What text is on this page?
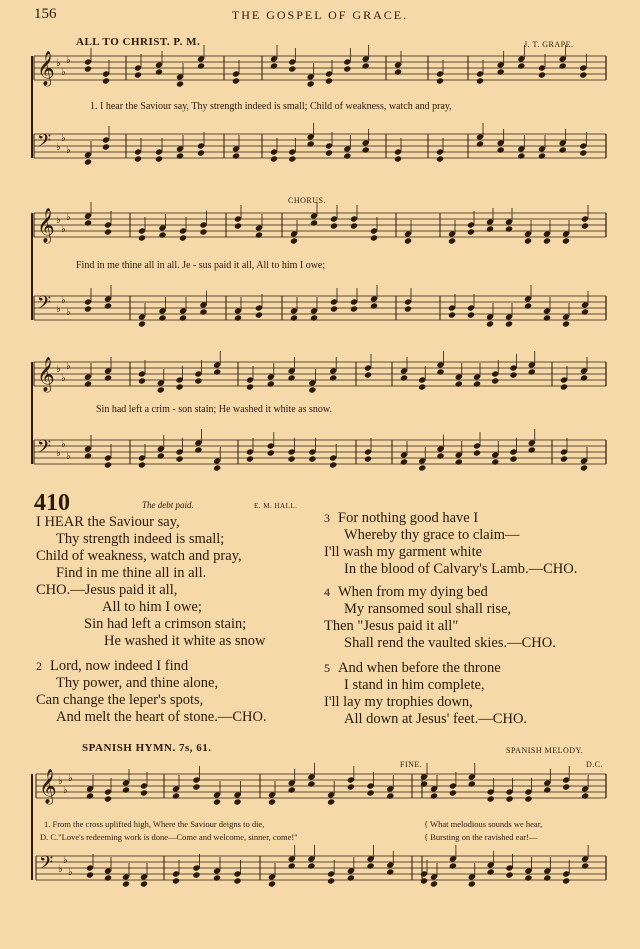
156	THE GOSPEL OF GRACE.
ALL TO CHRIST. P. M.	J. T. GRAPE.
CHORUS.
𝄞 ♭
♭
♭
𝄢 ♭
♭
♭
𝄞 ♭
♭
♭
𝄢 ♭
♭
♭
𝄞 ♭
♭
♭
𝄢 ♭
♭
♭
𝄞 ♭
♭
♭
𝄢 ♭
♭
♭
1. I hear the Saviour say, Thy strength indeed is small; Child of weakness, watch and pray,
Find in me thine all in all. Je - sus paid it all, All to him I owe;
Sin had left a crim - son stain; He washed it white as snow.
410	The debt paid.	E. M. HALL.
I HEAR the Saviour say,
Thy strength indeed is small;
Child of weakness, watch and pray,
Find in me thine all in all.
CHO.—Jesus paid it all,
All to him I owe;
Sin had left a crimson stain;
He washed it white as snow
2 Lord, now indeed I find
Thy power, and thine alone,
Can change the leper's spots,
And melt the heart of stone.—CHO.
3 For nothing good have I
Whereby thy grace to claim—
I'll wash my garment white
In the blood of Calvary's Lamb.—CHO.
4 When from my dying bed
My ransomed soul shall rise,
Then "Jesus paid it all"
Shall rend the vaulted skies.—CHO.
5 And when before the throne
I stand in him complete,
I'll lay my trophies down,
All down at Jesus' feet.—CHO.
SPANISH HYMN. 7s, 61.	SPANISH MELODY.
FINE.	D.C.
1. From the cross uplifted high, Where the Saviour deigns to die,
D. C."Love's redeeming work is done—Come and welcome, sinner, come!"
{ What melodious sounds we hear,
{ Bursting on the ravished ear!—
